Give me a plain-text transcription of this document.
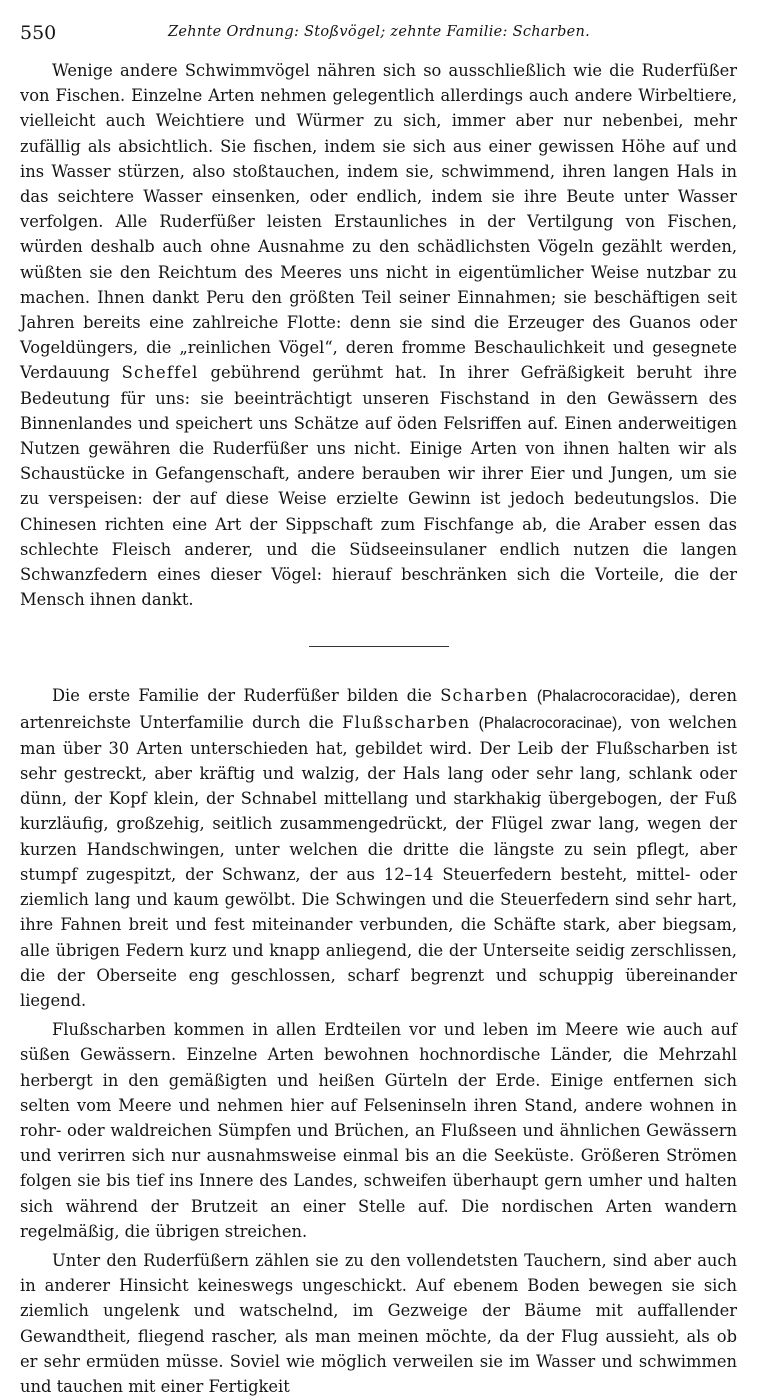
550	Zehnte Ordnung: Stoßvögel; zehnte Familie: Scharben.

Wenige andere Schwimmvögel nähren sich so ausschließlich wie die Ruderfüßer von Fischen. Einzelne Arten nehmen gelegentlich allerdings auch andere Wirbeltiere, vielleicht auch Weichtiere und Würmer zu sich, immer aber nur nebenbei, mehr zufällig als absichtlich. Sie fischen, indem sie sich aus einer gewissen Höhe auf und ins Wasser stürzen, also stoßtauchen, indem sie, schwimmend, ihren langen Hals in das seichtere Wasser einsenken, oder endlich, indem sie ihre Beute unter Wasser verfolgen. Alle Ruderfüßer leisten Erstaunliches in der Vertilgung von Fischen, würden deshalb auch ohne Ausnahme zu den schädlichsten Vögeln gezählt werden, wüßten sie den Reichtum des Meeres uns nicht in eigentümlicher Weise nutzbar zu machen. Ihnen dankt Peru den größten Teil seiner Einnahmen; sie beschäftigen seit Jahren bereits eine zahlreiche Flotte: denn sie sind die Erzeuger des Guanos oder Vogeldüngers, die „reinlichen Vögel“, deren fromme Beschaulichkeit und gesegnete Verdauung Scheffel gebührend gerühmt hat. In ihrer Gefräßigkeit beruht ihre Bedeutung für uns: sie beeinträchtigt unseren Fischstand in den Gewässern des Binnenlandes und speichert uns Schätze auf öden Felsriffen auf. Einen anderweitigen Nutzen gewähren die Ruderfüßer uns nicht. Einige Arten von ihnen halten wir als Schaustücke in Gefangenschaft, andere berauben wir ihrer Eier und Jungen, um sie zu verspeisen: der auf diese Weise erzielte Gewinn ist jedoch bedeutungslos. Die Chinesen richten eine Art der Sippschaft zum Fischfange ab, die Araber essen das schlechte Fleisch anderer, und die Südseeinsulaner endlich nutzen die langen Schwanzfedern eines dieser Vögel: hierauf beschränken sich die Vorteile, die der Mensch ihnen dankt.

Die erste Familie der Ruderfüßer bilden die Scharben (Phalacrocoracidae), deren artenreichste Unterfamilie durch die Flußscharben (Phalacrocoracinae), von welchen man über 30 Arten unterschieden hat, gebildet wird. Der Leib der Flußscharben ist sehr gestreckt, aber kräftig und walzig, der Hals lang oder sehr lang, schlank oder dünn, der Kopf klein, der Schnabel mittellang und starkhakig übergebogen, der Fuß kurzläufig, großzehig, seitlich zusammengedrückt, der Flügel zwar lang, wegen der kurzen Handschwingen, unter welchen die dritte die längste zu sein pflegt, aber stumpf zugespitzt, der Schwanz, der aus 12–14 Steuerfedern besteht, mittel- oder ziemlich lang und kaum gewölbt. Die Schwingen und die Steuerfedern sind sehr hart, ihre Fahnen breit und fest miteinander verbunden, die Schäfte stark, aber biegsam, alle übrigen Federn kurz und knapp anliegend, die der Unterseite seidig zerschlissen, die der Oberseite eng geschlossen, scharf begrenzt und schuppig übereinander liegend.

Flußscharben kommen in allen Erdteilen vor und leben im Meere wie auch auf süßen Gewässern. Einzelne Arten bewohnen hochnordische Länder, die Mehrzahl herbergt in den gemäßigten und heißen Gürteln der Erde. Einige entfernen sich selten vom Meere und nehmen hier auf Felseninseln ihren Stand, andere wohnen in rohr- oder waldreichen Sümpfen und Brüchen, an Flußseen und ähnlichen Gewässern und verirren sich nur ausnahmsweise einmal bis an die Seeküste. Größeren Strömen folgen sie bis tief ins Innere des Landes, schweifen überhaupt gern umher und halten sich während der Brutzeit an einer Stelle auf. Die nordischen Arten wandern regelmäßig, die übrigen streichen.

Unter den Ruderfüßern zählen sie zu den vollendetsten Tauchern, sind aber auch in anderer Hinsicht keineswegs ungeschickt. Auf ebenem Boden bewegen sie sich ziemlich ungelenk und watschelnd, im Gezweige der Bäume mit auffallender Gewandtheit, fliegend rascher, als man meinen möchte, da der Flug aussieht, als ob er sehr ermüden müsse. Soviel wie möglich verweilen sie im Wasser und schwimmen und tauchen mit einer Fertigkeit
